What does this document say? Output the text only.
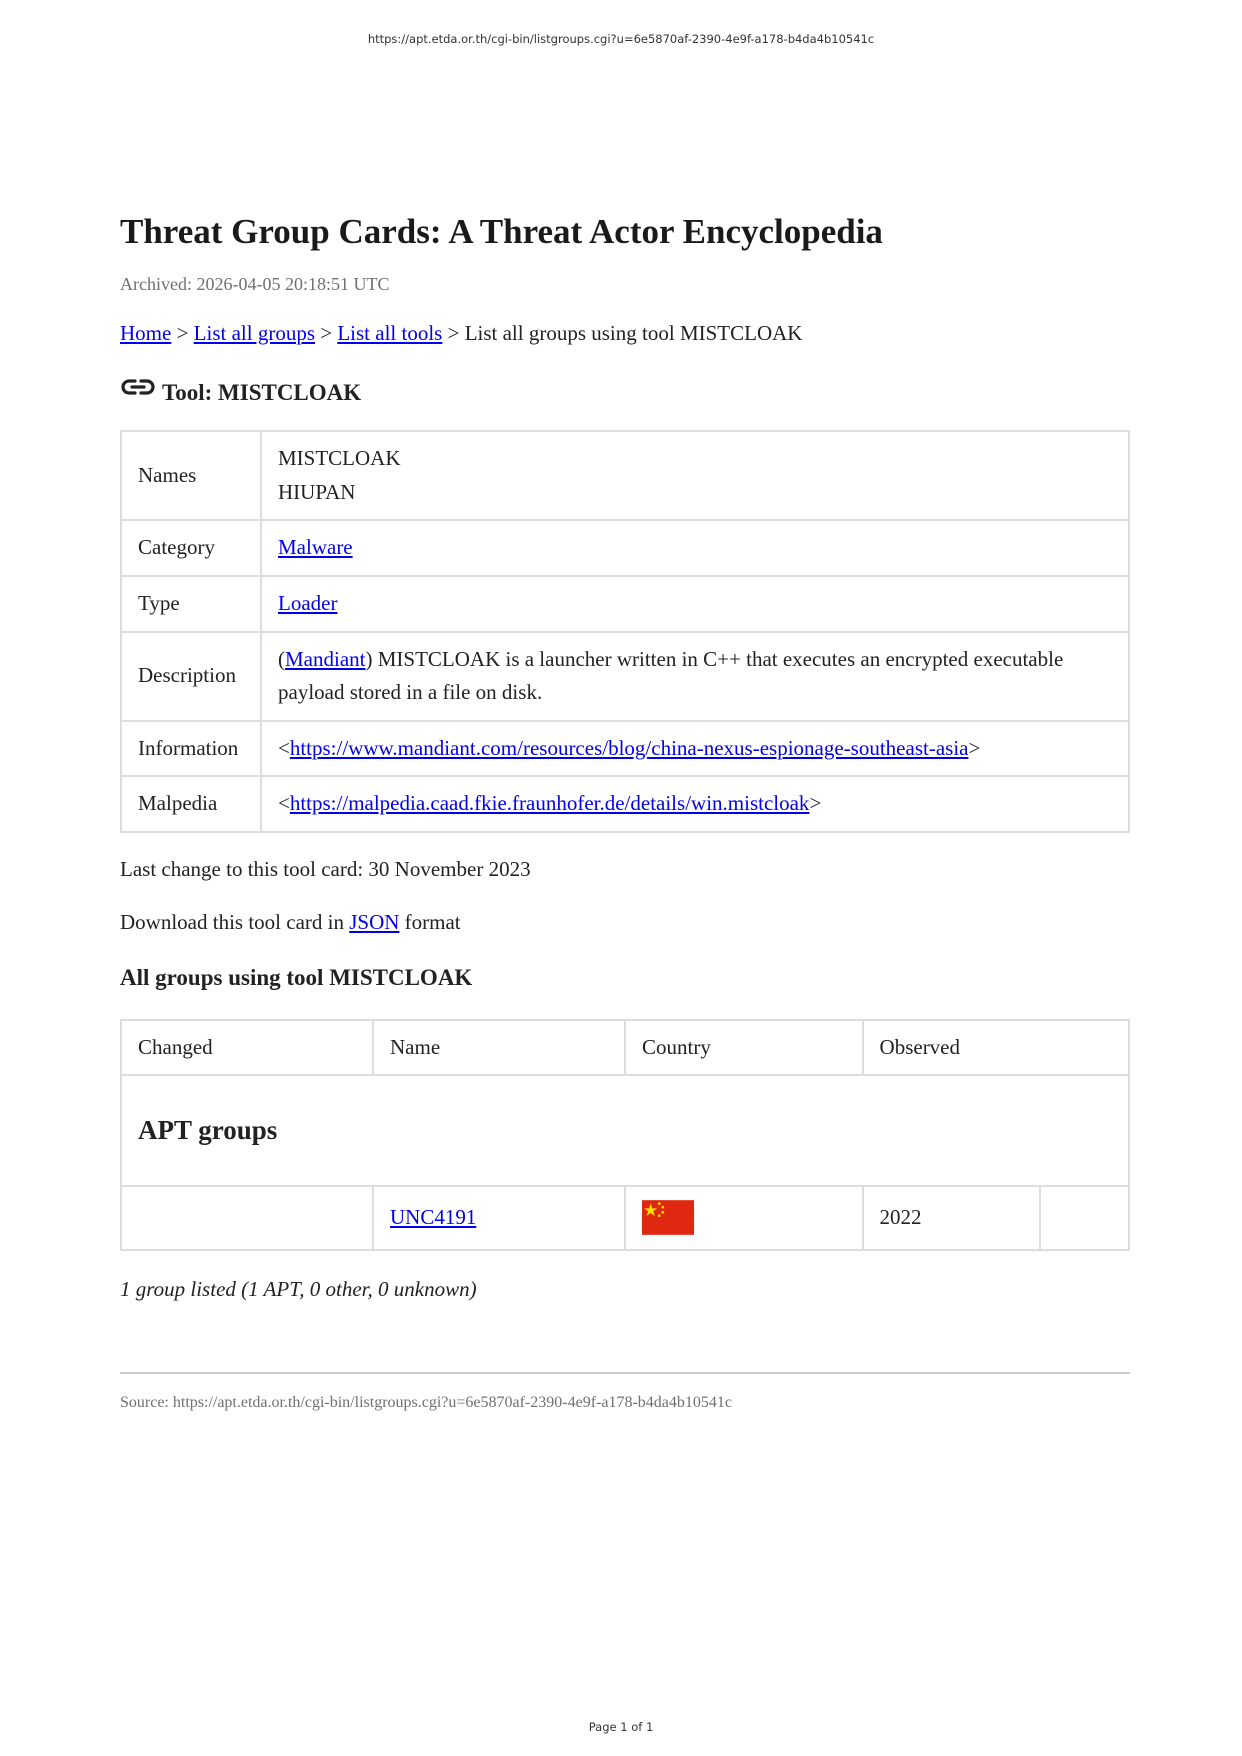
https://apt.etda.or.th/cgi-bin/listgroups.cgi?u=6e5870af-2390-4e9f-a178-b4da4b10541c
Threat Group Cards: A Threat Actor Encyclopedia
Archived: 2026-04-05 20:18:51 UTC
Home > List all groups > List all tools > List all groups using tool MISTCLOAK
Tool: MISTCLOAK
Names	MISTCLOAK
HIUPAN

Category	Malware
Type	Loader
Description	(Mandiant) MISTCLOAK is a launcher written in C++ that executes an encrypted executable payload stored in a file on disk.
Information	<https://www.mandiant.com/resources/blog/china-nexus-espionage-southeast-asia>
Malpedia	<https://malpedia.caad.fkie.fraunhofer.de/details/win.mistcloak>

Last change to this tool card: 30 November 2023

Download this tool card in JSON format

All groups using tool MISTCLOAK
Changed	Name	Country	Observed	
APT groups				
	UNC4191		2022	

1 group listed (1 APT, 0 other, 0 unknown)

Source: https://apt.etda.or.th/cgi-bin/listgroups.cgi?u=6e5870af-2390-4e9f-a178-b4da4b10541c
Page 1 of 1
